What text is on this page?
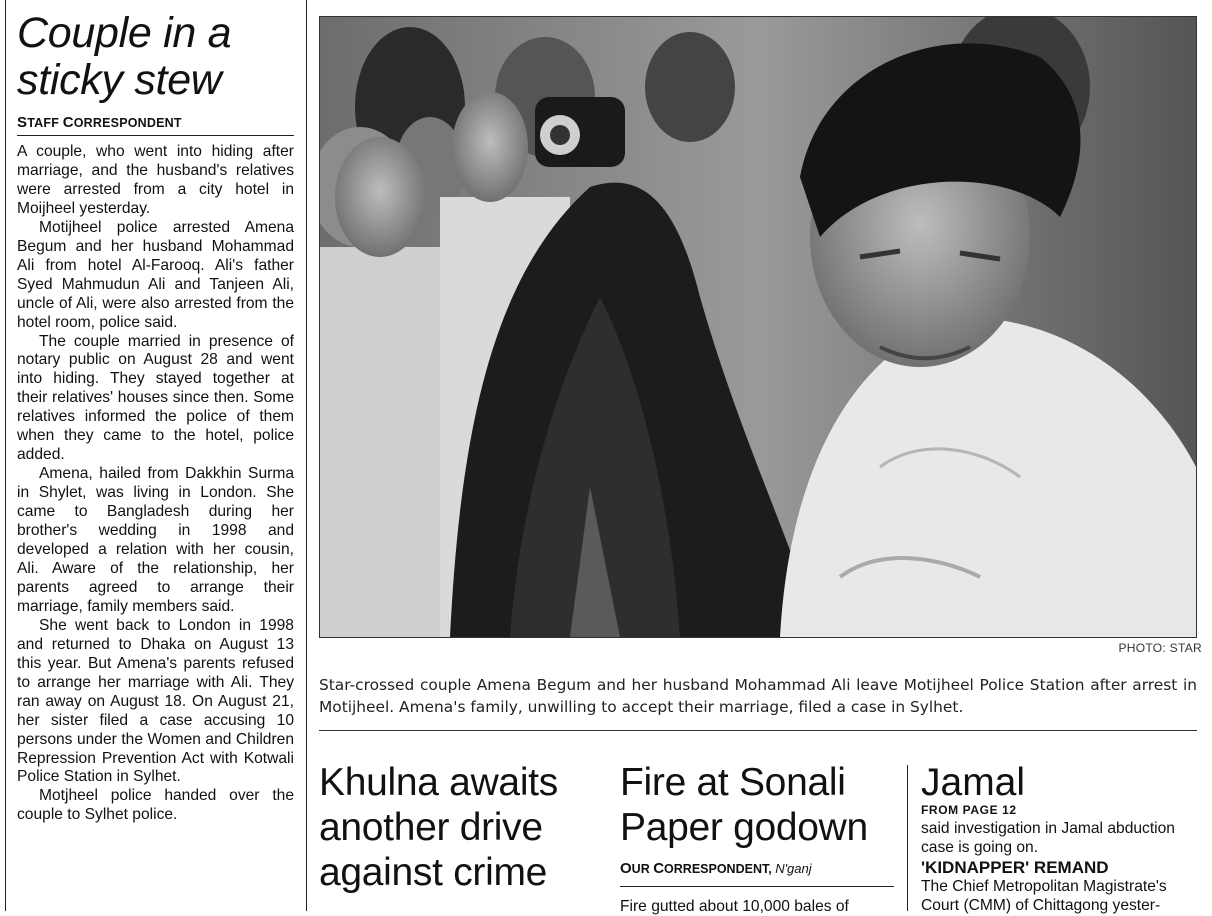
Couple in a
sticky stew
STAFF CORRESPONDENT

A couple, who went into hiding after marriage, and the husband's relatives were arrested from a city hotel in Moijheel yesterday.

Motijheel police arrested Amena Begum and her husband Mohammad Ali from hotel Al-Farooq. Ali's father Syed Mahmudun Ali and Tanjeen Ali, uncle of Ali, were also arrested from the hotel room, police said.

The couple married in presence of notary public on August 28 and went into hiding. They stayed together at their relatives' houses since then. Some relatives informed the police of them when they came to the hotel, police added.

Amena, hailed from Dakkhin Surma in Shylet, was living in London. She came to Bangladesh during her brother's wedding in 1998 and developed a relation with her cousin, Ali. Aware of the relationship, her parents agreed to arrange their marriage, family members said.

She went back to London in 1998 and returned to Dhaka on August 13 this year. But Amena's parents refused to arrange her marriage with Ali. They ran away on August 18. On August 21, her sister filed a case accusing 10 persons under the Women and Children Repression Prevention Act with Kotwali Police Station in Sylhet.

Motjheel police handed over the couple to Sylhet police.

PHOTO: STAR
Star-crossed couple Amena Begum and her husband Mohammad Ali leave Motijheel Police Station after arrest in Motijheel. Amena's family, unwilling to accept their marriage, filed a case in Sylhet.
Khulna awaits
another drive
against crime
Fire at Sonali
Paper godown
OUR CORRESPONDENT, N'ganj
Fire gutted about 10,000 bales of
Jamal
FROM PAGE 12
said investigation in Jamal abduction case is going on.
'KIDNAPPER' REMAND
The Chief Metropolitan Magistrate's Court (CMM) of Chittagong yester-
